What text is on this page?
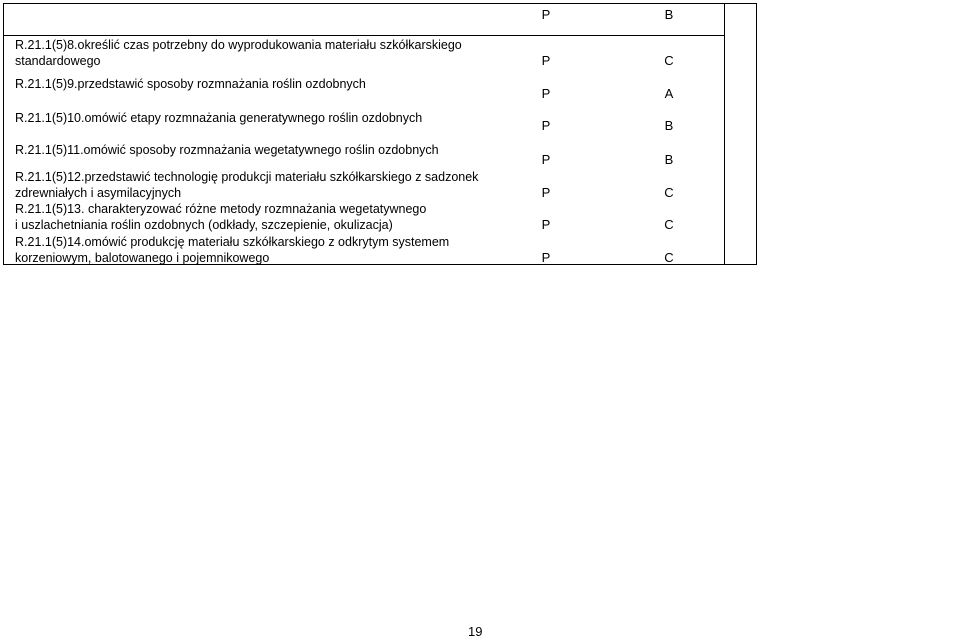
P	B
R.21.1(5)8.określić czas potrzebny do wyprodukowania materiału szkółkarskiego
standardowego	P	C
R.21.1(5)9.przedstawić sposoby rozmnażania roślin ozdobnych
P	A
R.21.1(5)10.omówić etapy rozmnażania generatywnego roślin ozdobnych	P	B
R.21.1(5)11.omówić sposoby rozmnażania wegetatywnego roślin ozdobnych
P	B
R.21.1(5)12.przedstawić technologię produkcji materiału szkółkarskiego z sadzonek
zdrewniałych i asymilacyjnych	P	C
R.21.1(5)13. charakteryzować różne metody rozmnażania wegetatywnego
i uszlachetniania roślin ozdobnych (odkłady, szczepienie, okulizacja)	P	C
R.21.1(5)14.omówić produkcję materiału szkółkarskiego z odkrytym systemem
korzeniowym, balotowanego i pojemnikowego	P	C
19
